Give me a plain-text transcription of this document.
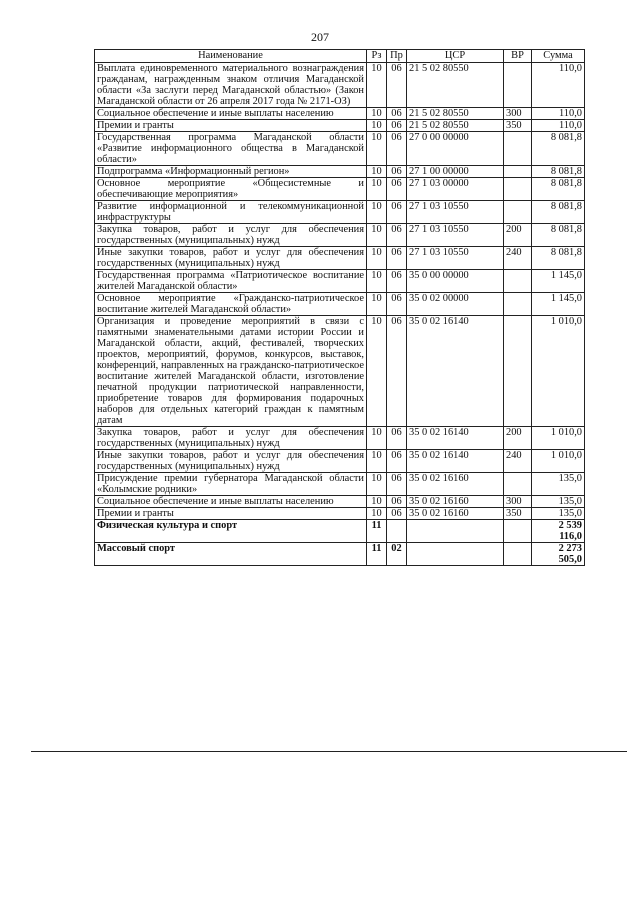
207
Наименование	Рз	Пр	ЦСР	ВР	Сумма
Выплата единовременного материального вознаграждения гражданам, награжденным знаком отличия Магаданской области «За заслуги перед Магаданской областью» (Закон Магаданской области от 26 апреля 2017 года № 2171-ОЗ)	10	06	21 5 02 80550		110,0
Социальное обеспечение и иные выплаты населению	10	06	21 5 02 80550	300	110,0
Премии и гранты	10	06	21 5 02 80550	350	110,0
Государственная программа Магаданской области «Развитие информационного общества в Магаданской области»	10	06	27 0 00 00000		8 081,8
Подпрограмма «Информационный регион»	10	06	27 1 00 00000		8 081,8
Основное мероприятие «Общесистемные и обеспечивающие мероприятия»	10	06	27 1 03 00000		8 081,8
Развитие информационной и телекоммуникационной инфраструктуры	10	06	27 1 03 10550		8 081,8
Закупка товаров, работ и услуг для обеспечения государственных (муниципальных) нужд	10	06	27 1 03 10550	200	8 081,8
Иные закупки товаров, работ и услуг для обеспечения государственных (муниципальных) нужд	10	06	27 1 03 10550	240	8 081,8
Государственная программа «Патриотическое воспитание жителей Магаданской области»	10	06	35 0 00 00000		1 145,0
Основное мероприятие «Гражданско-патриотическое воспитание жителей Магаданской области»	10	06	35 0 02 00000		1 145,0
Организация и проведение мероприятий в связи с памятными знаменательными датами истории России и Магаданской области, акций, фестивалей, творческих проектов, мероприятий, форумов, конкурсов, выставок, конференций, направленных на гражданско-патриотическое воспитание жителей Магаданской области, изготовление печатной продукции патриотической направленности, приобретение товаров для формирования подарочных наборов для отдельных категорий граждан к памятным датам	10	06	35 0 02 16140		1 010,0
Закупка товаров, работ и услуг для обеспечения государственных (муниципальных) нужд	10	06	35 0 02 16140	200	1 010,0
Иные закупки товаров, работ и услуг для обеспечения государственных (муниципальных) нужд	10	06	35 0 02 16140	240	1 010,0
Присуждение премии губернатора Магаданской области «Колымские родники»	10	06	35 0 02 16160		135,0
Социальное обеспечение и иные выплаты населению	10	06	35 0 02 16160	300	135,0
Премии и гранты	10	06	35 0 02 16160	350	135,0
Физическая культура и спорт	11				2 539 116,0
Массовый спорт	11	02			2 273 505,0
